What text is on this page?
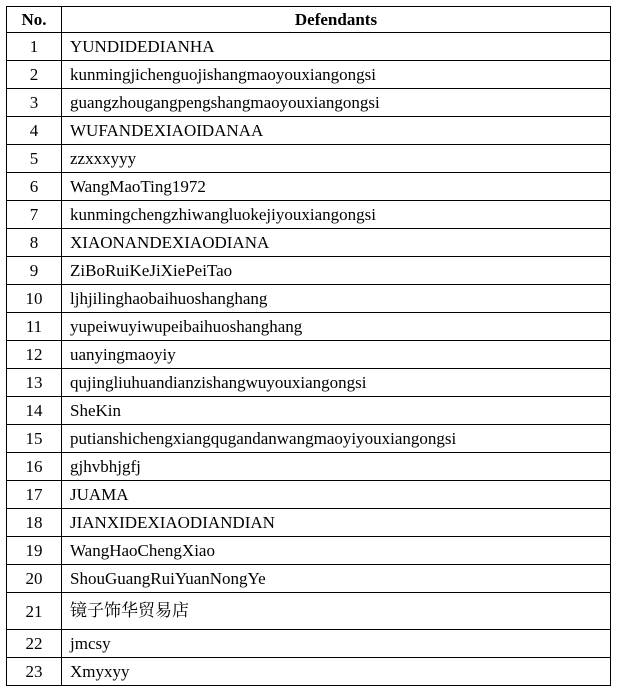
No.	Defendants
1	YUNDIDEDIANHA
2	kunmingjichenguojishangmaoyouxiangongsi
3	guangzhougangpengshangmaoyouxiangongsi
4	WUFANDEXIAOIDANAA
5	zzxxxyyy
6	WangMaoTing1972
7	kunmingchengzhiwangluokejiyouxiangongsi
8	XIAONANDEXIAODIANA
9	ZiBoRuiKeJiXiePeiTao
10	ljhjilinghaobaihuoshanghang
11	yupeiwuyiwupeibaihuoshanghang
12	uanyingmaoyiy
13	qujingliuhuandianzishangwuyouxiangongsi
14	SheKin
15	putianshichengxiangqugandanwangmaoyiyouxiangongsi
16	gjhvbhjgfj
17	JUAMA
18	JIANXIDEXIAODIANDIAN
19	WangHaoChengXiao
20	ShouGuangRuiYuanNongYe
21	镜子饰华贸易店
22	jmcsy
23	Xmyxyy
